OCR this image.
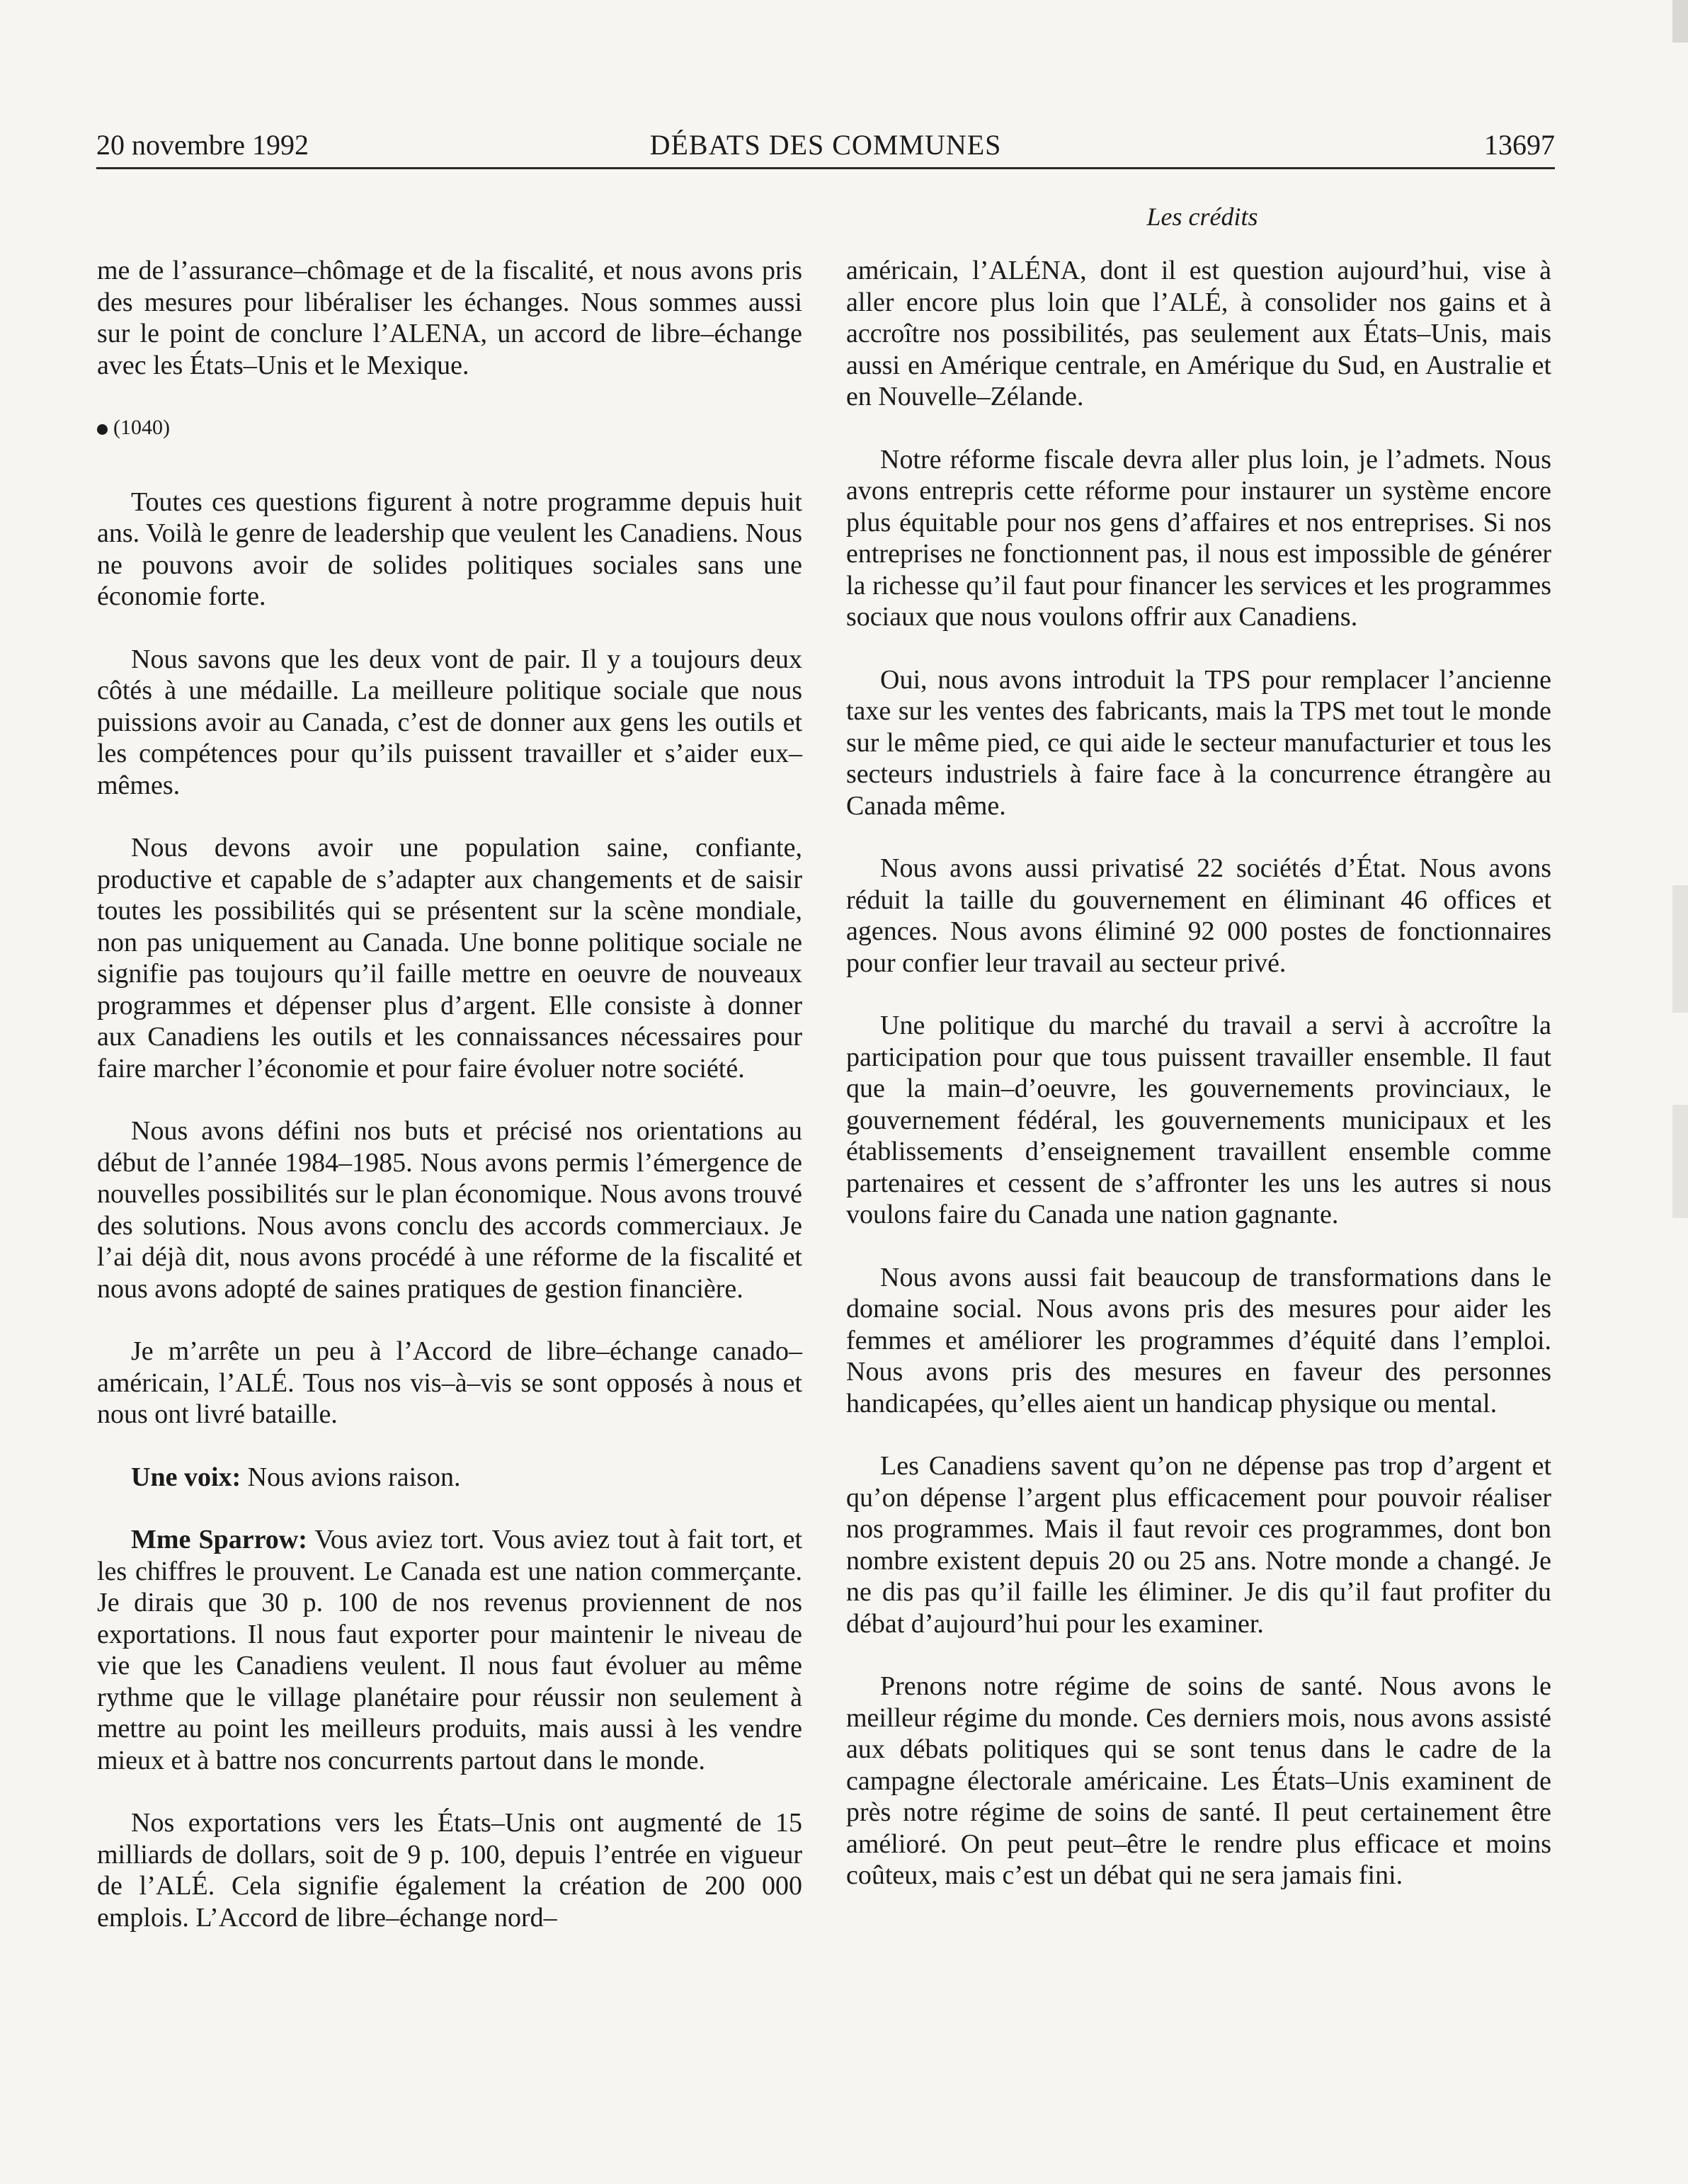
20 novembre 1992	DÉBATS DES COMMUNES	13697
Les crédits

me de l’assurance–chômage et de la fiscalité, et nous avons pris des mesures pour libéraliser les échanges. Nous sommes aussi sur le point de conclure l’ALENA, un accord de libre–échange avec les États–Unis et le Mexique.

(1040)

Toutes ces questions figurent à notre programme depuis huit ans. Voilà le genre de leadership que veulent les Canadiens. Nous ne pouvons avoir de solides politiques sociales sans une économie forte.

Nous savons que les deux vont de pair. Il y a toujours deux côtés à une médaille. La meilleure politique sociale que nous puissions avoir au Canada, c’est de donner aux gens les outils et les compétences pour qu’ils puissent travailler et s’aider eux–mêmes.

Nous devons avoir une population saine, confiante, productive et capable de s’adapter aux changements et de saisir toutes les possibilités qui se présentent sur la scène mondiale, non pas uniquement au Canada. Une bonne politique sociale ne signifie pas toujours qu’il faille mettre en oeuvre de nouveaux programmes et dépenser plus d’argent. Elle consiste à donner aux Canadiens les outils et les connaissances nécessaires pour faire marcher l’économie et pour faire évoluer notre société.

Nous avons défini nos buts et précisé nos orientations au début de l’année 1984–1985. Nous avons permis l’émergence de nouvelles possibilités sur le plan économique. Nous avons trouvé des solutions. Nous avons conclu des accords commerciaux. Je l’ai déjà dit, nous avons procédé à une réforme de la fiscalité et nous avons adopté de saines pratiques de gestion financière.

Je m’arrête un peu à l’Accord de libre–échange canado–américain, l’ALÉ. Tous nos vis–à–vis se sont opposés à nous et nous ont livré bataille.

Une voix: Nous avions raison.

Mme Sparrow: Vous aviez tort. Vous aviez tout à fait tort, et les chiffres le prouvent. Le Canada est une nation commerçante. Je dirais que 30 p. 100 de nos revenus proviennent de nos exportations. Il nous faut exporter pour maintenir le niveau de vie que les Canadiens veulent. Il nous faut évoluer au même rythme que le village planétaire pour réussir non seulement à mettre au point les meilleurs produits, mais aussi à les vendre mieux et à battre nos concurrents partout dans le monde.

Nos exportations vers les États–Unis ont augmenté de 15 milliards de dollars, soit de 9 p. 100, depuis l’entrée en vigueur de l’ALÉ. Cela signifie également la création de 200 000 emplois. L’Accord de libre–échange nord–

américain, l’ALÉNA, dont il est question aujourd’hui, vise à aller encore plus loin que l’ALÉ, à consolider nos gains et à accroître nos possibilités, pas seulement aux États–Unis, mais aussi en Amérique centrale, en Amérique du Sud, en Australie et en Nouvelle–Zélande.

Notre réforme fiscale devra aller plus loin, je l’admets. Nous avons entrepris cette réforme pour instaurer un système encore plus équitable pour nos gens d’affaires et nos entreprises. Si nos entreprises ne fonctionnent pas, il nous est impossible de générer la richesse qu’il faut pour financer les services et les programmes sociaux que nous voulons offrir aux Canadiens.

Oui, nous avons introduit la TPS pour remplacer l’ancienne taxe sur les ventes des fabricants, mais la TPS met tout le monde sur le même pied, ce qui aide le secteur manufacturier et tous les secteurs industriels à faire face à la concurrence étrangère au Canada même.

Nous avons aussi privatisé 22 sociétés d’État. Nous avons réduit la taille du gouvernement en éliminant 46 offices et agences. Nous avons éliminé 92 000 postes de fonctionnaires pour confier leur travail au secteur privé.

Une politique du marché du travail a servi à accroître la participation pour que tous puissent travailler ensemble. Il faut que la main–d’oeuvre, les gouvernements provinciaux, le gouvernement fédéral, les gouvernements municipaux et les établissements d’enseignement travaillent ensemble comme partenaires et cessent de s’affronter les uns les autres si nous voulons faire du Canada une nation gagnante.

Nous avons aussi fait beaucoup de transformations dans le domaine social. Nous avons pris des mesures pour aider les femmes et améliorer les programmes d’équité dans l’emploi. Nous avons pris des mesures en faveur des personnes handicapées, qu’elles aient un handicap physique ou mental.

Les Canadiens savent qu’on ne dépense pas trop d’argent et qu’on dépense l’argent plus efficacement pour pouvoir réaliser nos programmes. Mais il faut revoir ces programmes, dont bon nombre existent depuis 20 ou 25 ans. Notre monde a changé. Je ne dis pas qu’il faille les éliminer. Je dis qu’il faut profiter du débat d’aujourd’hui pour les examiner.

Prenons notre régime de soins de santé. Nous avons le meilleur régime du monde. Ces derniers mois, nous avons assisté aux débats politiques qui se sont tenus dans le cadre de la campagne électorale américaine. Les États–Unis examinent de près notre régime de soins de santé. Il peut certainement être amélioré. On peut peut–être le rendre plus efficace et moins coûteux, mais c’est un débat qui ne sera jamais fini.
